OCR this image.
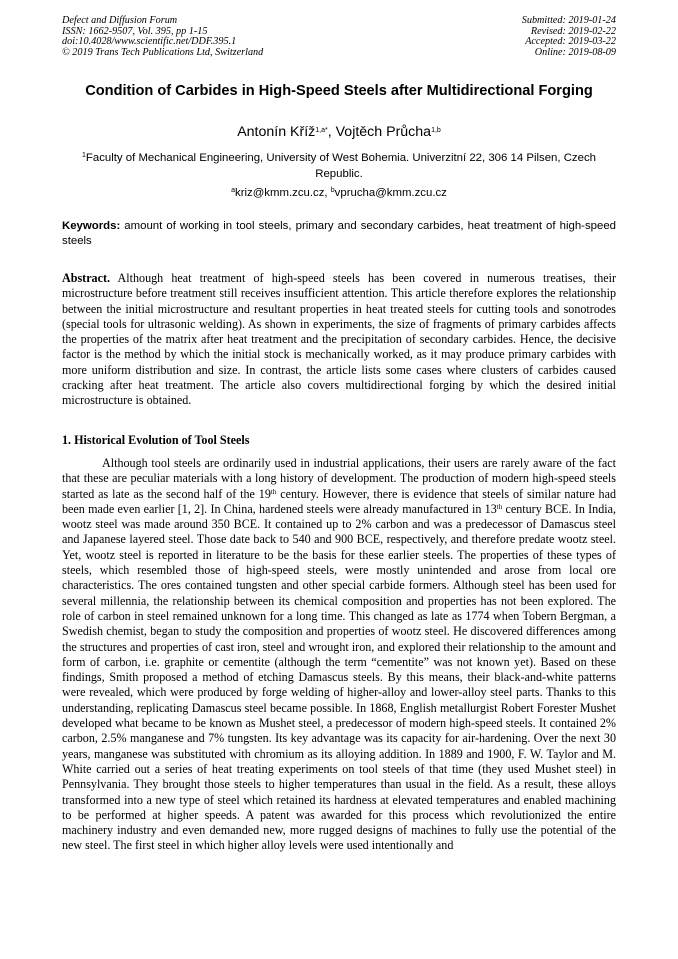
Defect and Diffusion Forum
ISSN: 1662-9507, Vol. 395, pp 1-15
doi:10.4028/www.scientific.net/DDF.395.1
© 2019 Trans Tech Publications Ltd, Switzerland
Submitted: 2019-01-24
Revised: 2019-02-22
Accepted: 2019-03-22
Online: 2019-08-09
Condition of Carbides in High-Speed Steels after Multidirectional Forging
Antonín Kříž$^{1,a*}$, Vojtěch Průcha$^{1,b}$
$^1$Faculty of Mechanical Engineering, University of West Bohemia. Univerzitní 22, 306 14 Pilsen, Czech Republic.
$^a$kriz@kmm.zcu.cz, $^b$vprucha@kmm.zcu.cz
Keywords: amount of working in tool steels, primary and secondary carbides, heat treatment of high-speed steels
Abstract. Although heat treatment of high-speed steels has been covered in numerous treatises, their microstructure before treatment still receives insufficient attention. This article therefore explores the relationship between the initial microstructure and resultant properties in heat treated steels for cutting tools and sonotrodes (special tools for ultrasonic welding). As shown in experiments, the size of fragments of primary carbides affects the properties of the matrix after heat treatment and the precipitation of secondary carbides. Hence, the decisive factor is the method by which the initial stock is mechanically worked, as it may produce primary carbides with more uniform distribution and size. In contrast, the article lists some cases where clusters of carbides caused cracking after heat treatment. The article also covers multidirectional forging by which the desired initial microstructure is obtained.
1. Historical Evolution of Tool Steels

Although tool steels are ordinarily used in industrial applications, their users are rarely aware of the fact that these are peculiar materials with a long history of development. The production of modern high-speed steels started as late as the second half of the 19th century. However, there is evidence that steels of similar nature had been made even earlier [1, 2]. In China, hardened steels were already manufactured in 13th century BCE. In India, wootz steel was made around 350 BCE. It contained up to 2% carbon and was a predecessor of Damascus steel and Japanese layered steel. Those date back to 540 and 900 BCE, respectively, and therefore predate wootz steel. Yet, wootz steel is reported in literature to be the basis for these earlier steels. The properties of these types of steels, which resembled those of high-speed steels, were mostly unintended and arose from local ore characteristics. The ores contained tungsten and other special carbide formers. Although steel has been used for several millennia, the relationship between its chemical composition and properties has not been explored. The role of carbon in steel remained unknown for a long time. This changed as late as 1774 when Tobern Bergman, a Swedish chemist, began to study the composition and properties of wootz steel. He discovered differences among the structures and properties of cast iron, steel and wrought iron, and explored their relationship to the amount and form of carbon, i.e. graphite or cementite (although the term “cementite” was not known yet). Based on these findings, Smith proposed a method of etching Damascus steels. By this means, their black-and-white patterns were revealed, which were produced by forge welding of higher-alloy and lower-alloy steel parts. Thanks to this understanding, replicating Damascus steel became possible. In 1868, English metallurgist Robert Forester Mushet developed what became to be known as Mushet steel, a predecessor of modern high-speed steels. It contained 2% carbon, 2.5% manganese and 7% tungsten. Its key advantage was its capacity for air-hardening. Over the next 30 years, manganese was substituted with chromium as its alloying addition. In 1889 and 1900, F. W. Taylor and M. White carried out a series of heat treating experiments on tool steels of that time (they used Mushet steel) in Pennsylvania. They brought those steels to higher temperatures than usual in the field. As a result, these alloys transformed into a new type of steel which retained its hardness at elevated temperatures and enabled machining to be performed at higher speeds. A patent was awarded for this process which revolutionized the entire machinery industry and even demanded new, more rugged designs of machines to fully use the potential of the new steel. The first steel in which higher alloy levels were used intentionally and
